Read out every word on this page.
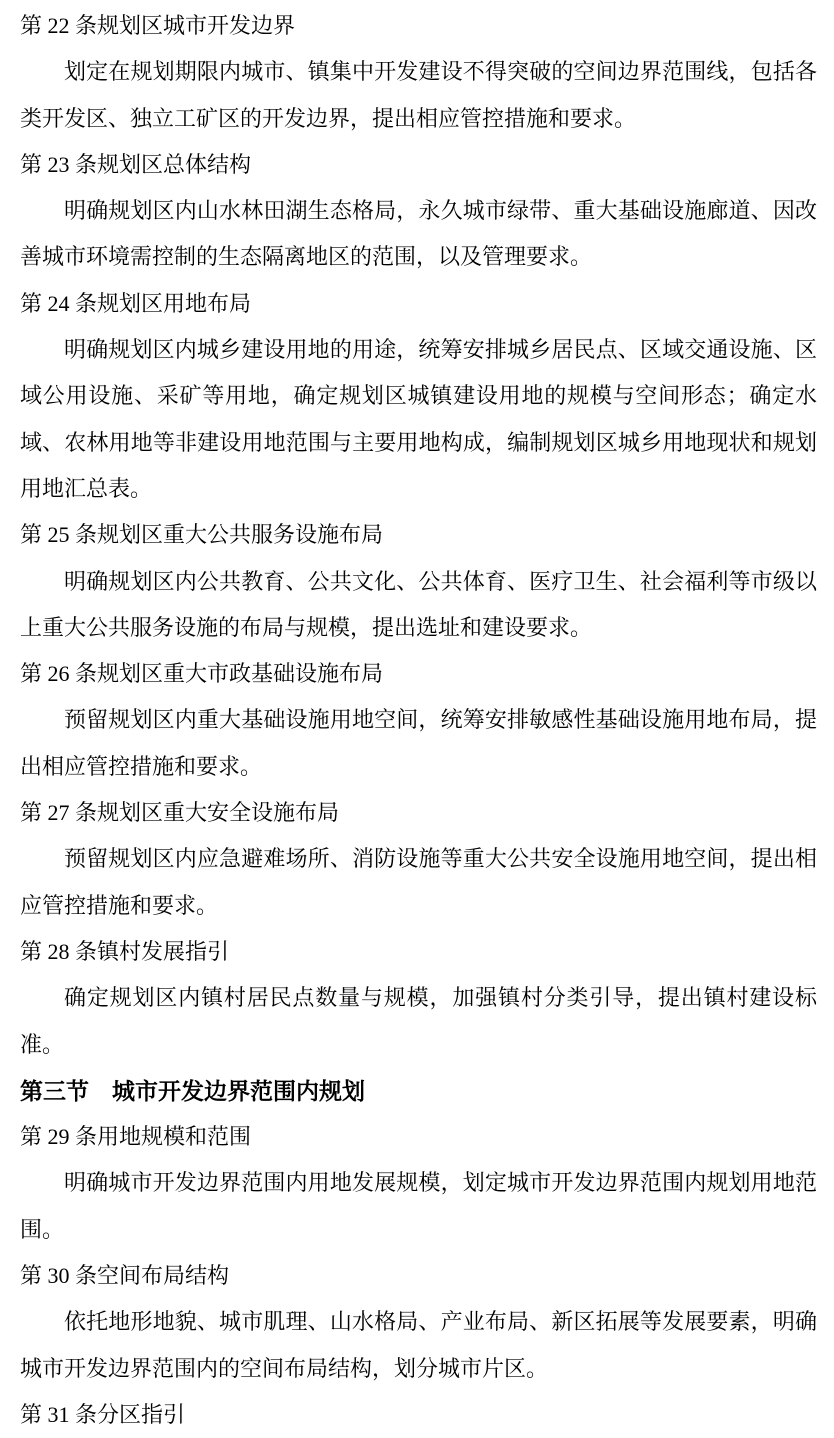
第 22 条规划区城市开发边界

划定在规划期限内城市、镇集中开发建设不得突破的空间边界范围线，包括各类开发区、独立工矿区的开发边界，提出相应管控措施和要求。

第 23 条规划区总体结构

明确规划区内山水林田湖生态格局，永久城市绿带、重大基础设施廊道、因改善城市环境需控制的生态隔离地区的范围，以及管理要求。

第 24 条规划区用地布局

明确规划区内城乡建设用地的用途，统筹安排城乡居民点、区域交通设施、区域公用设施、采矿等用地，确定规划区城镇建设用地的规模与空间形态；确定水域、农林用地等非建设用地范围与主要用地构成，编制规划区城乡用地现状和规划用地汇总表。

第 25 条规划区重大公共服务设施布局

明确规划区内公共教育、公共文化、公共体育、医疗卫生、社会福利等市级以上重大公共服务设施的布局与规模，提出选址和建设要求。

第 26 条规划区重大市政基础设施布局

预留规划区内重大基础设施用地空间，统筹安排敏感性基础设施用地布局，提出相应管控措施和要求。

第 27 条规划区重大安全设施布局

预留规划区内应急避难场所、消防设施等重大公共安全设施用地空间，提出相应管控措施和要求。

第 28 条镇村发展指引

确定规划区内镇村居民点数量与规模，加强镇村分类引导，提出镇村建设标准。

第三节　城市开发边界范围内规划

第 29 条用地规模和范围

明确城市开发边界范围内用地发展规模，划定城市开发边界范围内规划用地范围。

第 30 条空间布局结构

依托地形地貌、城市肌理、山水格局、产业布局、新区拓展等发展要素，明确城市开发边界范围内的空间布局结构，划分城市片区。

第 31 条分区指引
